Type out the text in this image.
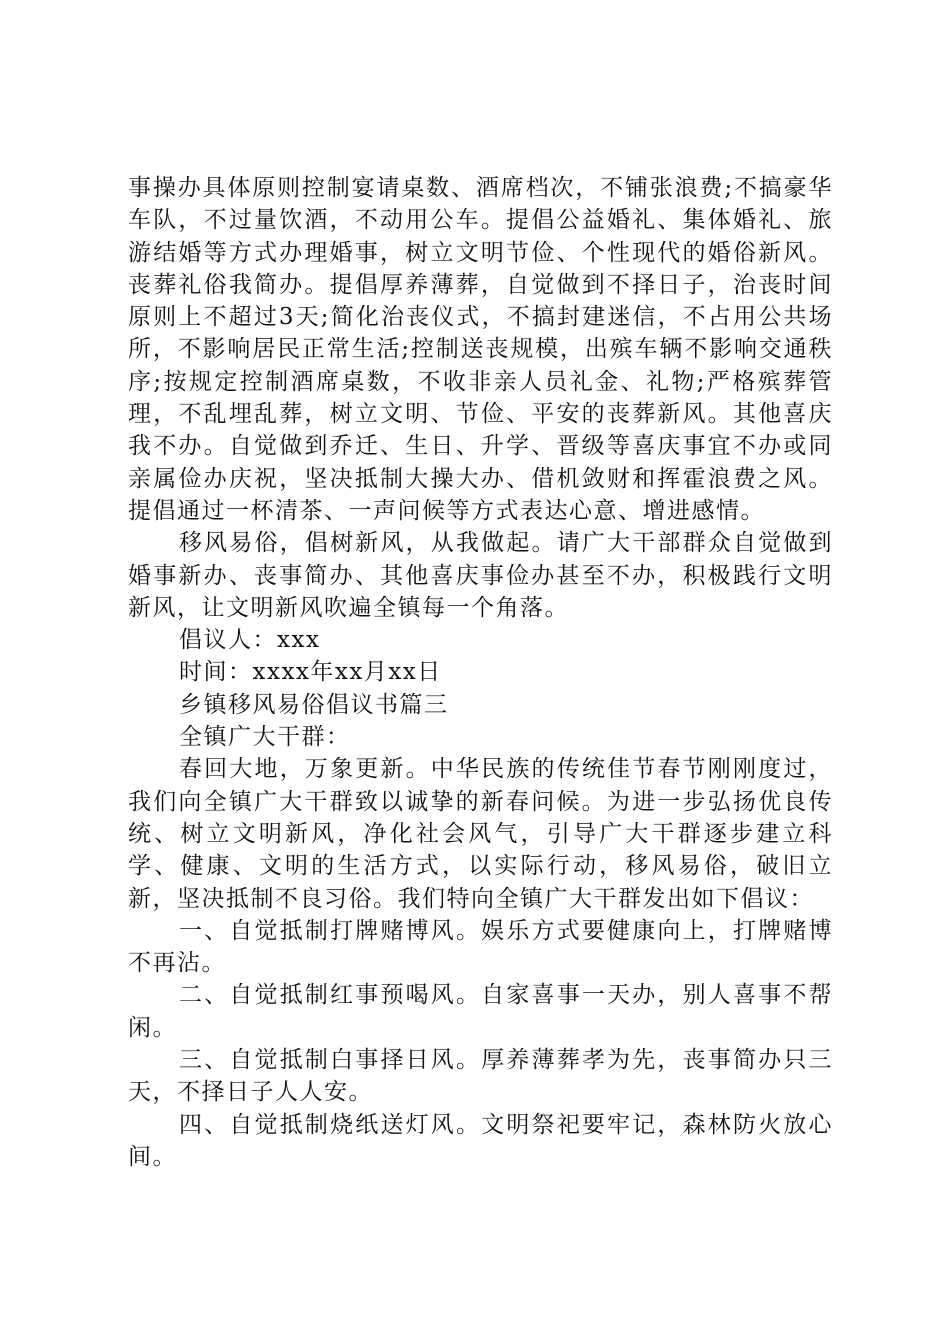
事操办具体原则控制宴请桌数、酒席档次，不铺张浪费;不搞豪华车队，不过量饮酒，不动用公车。提倡公益婚礼、集体婚礼、旅游结婚等方式办理婚事，树立文明节俭、个性现代的婚俗新风。丧葬礼俗我简办。提倡厚养薄葬，自觉做到不择日子，治丧时间原则上不超过3天;简化治丧仪式，不搞封建迷信，不占用公共场所，不影响居民正常生活;控制送丧规模，出殡车辆不影响交通秩序;按规定控制酒席桌数，不收非亲人员礼金、礼物;严格殡葬管理，不乱埋乱葬，树立文明、节俭、平安的丧葬新风。其他喜庆我不办。自觉做到乔迁、生日、升学、晋级等喜庆事宜不办或同亲属俭办庆祝，坚决抵制大操大办、借机敛财和挥霍浪费之风。提倡通过一杯清茶、一声问候等方式表达心意、增进感情。

移风易俗，倡树新风，从我做起。请广大干部群众自觉做到婚事新办、丧事简办、其他喜庆事俭办甚至不办，积极践行文明新风，让文明新风吹遍全镇每一个角落。

倡议人：xxx

时间：xxxx年xx月xx日

乡镇移风易俗倡议书篇三

全镇广大干群：

春回大地，万象更新。中华民族的传统佳节春节刚刚度过，我们向全镇广大干群致以诚挚的新春问候。为进一步弘扬优良传统、树立文明新风，净化社会风气，引导广大干群逐步建立科学、健康、文明的生活方式，以实际行动，移风易俗，破旧立新，坚决抵制不良习俗。我们特向全镇广大干群发出如下倡议：

一、自觉抵制打牌赌博风。娱乐方式要健康向上，打牌赌博不再沾。

二、自觉抵制红事预喝风。自家喜事一天办，别人喜事不帮闲。

三、自觉抵制白事择日风。厚养薄葬孝为先，丧事简办只三天，不择日子人人安。

四、自觉抵制烧纸送灯风。文明祭祀要牢记，森林防火放心间。
